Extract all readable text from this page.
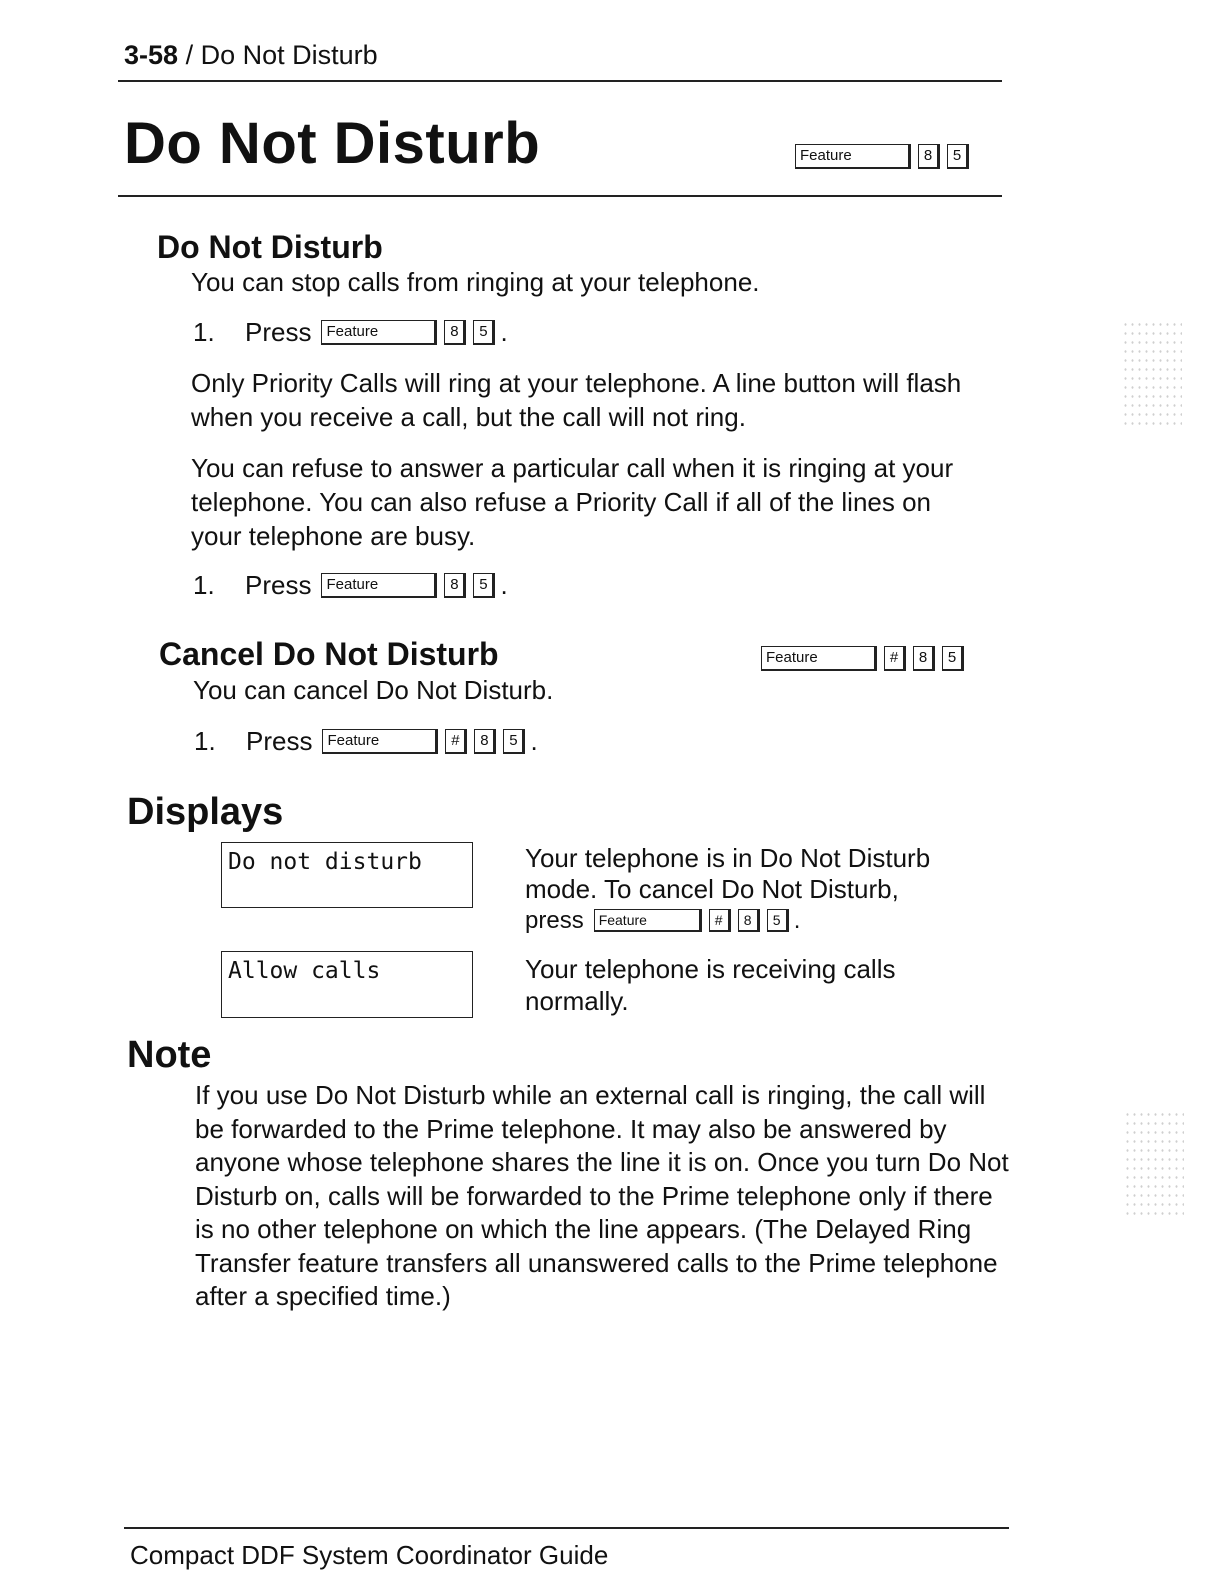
3-58 / Do Not Disturb
Do Not Disturb	Feature	8	5
Do Not Disturb
You can stop calls from ringing at your telephone.
1.	Press	Feature	8	5 .
Only Priority Calls will ring at your telephone. A line button will flash when you receive a call, but the call will not ring.
You can refuse to answer a particular call when it is ringing at your telephone. You can also refuse a Priority Call if all of the lines on your telephone are busy.
1.	Press	Feature	8	5 .
Cancel Do Not Disturb	Feature	#	8	5
You can cancel Do Not Disturb.
1.	Press	Feature	#	8	5 .
Displays
Do not disturb	Your telephone is in Do Not Disturb
mode. To cancel Do Not Disturb,
press	Feature	#	8	5 .
Allow calls	Your telephone is receiving calls
normally.
Note
If you use Do Not Disturb while an external call is ringing, the call will be forwarded to the Prime telephone. It may also be answered by anyone whose telephone shares the line it is on. Once you turn Do Not Disturb on, calls will be forwarded to the Prime telephone only if there is no other telephone on which the line appears. (The Delayed Ring Transfer feature transfers all unanswered calls to the Prime telephone after a specified time.)
Compact DDF System Coordinator Guide
